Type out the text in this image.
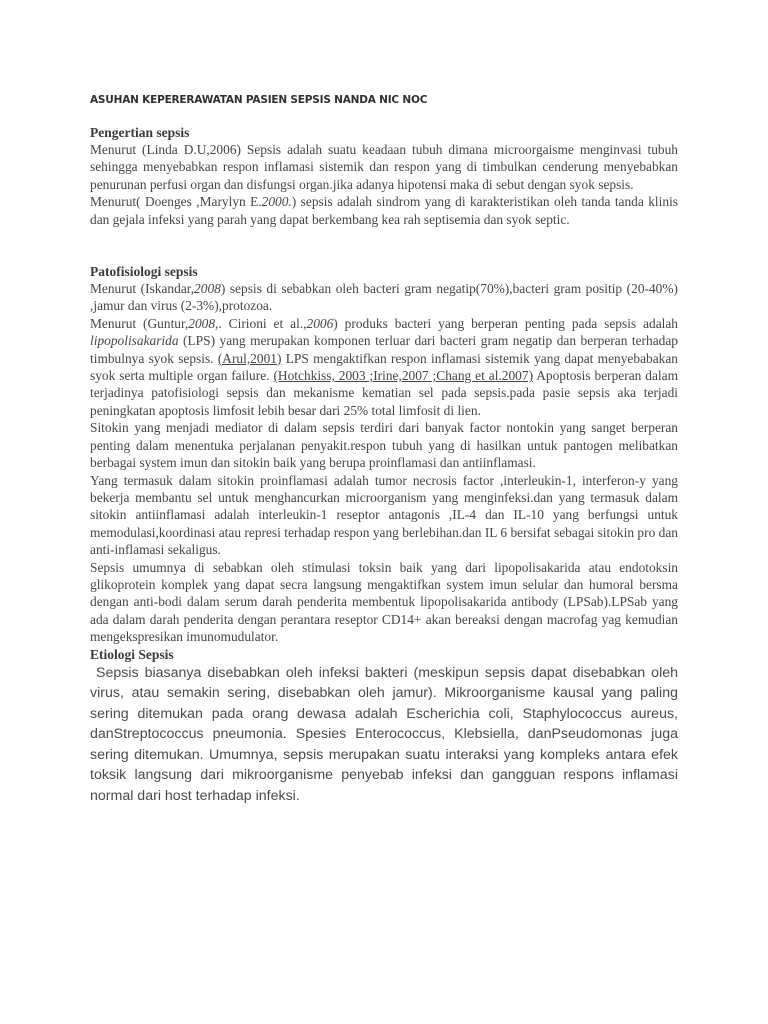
ASUHAN KEPERERAWATAN PASIEN SEPSIS NANDA NIC NOC
Pengertian sepsis

Menurut (Linda D.U,2006) Sepsis adalah suatu keadaan tubuh dimana microorgaisme menginvasi tubuh sehingga menyebabkan respon inflamasi sistemik dan respon yang di timbulkan cenderung menyebabkan penurunan perfusi organ dan disfungsi organ.jika adanya hipotensi maka di sebut dengan syok sepsis.

Menurut( Doenges ,Marylyn E.2000.) sepsis adalah sindrom yang di karakteristikan oleh tanda tanda klinis dan gejala infeksi yang parah yang dapat berkembang kea rah septisemia dan syok septic.

Patofisiologi sepsis

Menurut (Iskandar,2008) sepsis di sebabkan oleh bacteri gram negatip(70%),bacteri gram positip (20-40%) ,jamur dan virus (2-3%),protozoa.

Menurut (Guntur,2008,. Cirioni et al.,2006) produks bacteri yang berperan penting pada sepsis adalah lipopolisakarida (LPS) yang merupakan komponen terluar dari bacteri gram negatip dan berperan terhadap timbulnya syok sepsis. (Arul,2001) LPS mengaktifkan respon inflamasi sistemik yang dapat menyebabakan syok serta multiple organ failure. (Hotchkiss, 2003 ;Irine,2007 ;Chang et al.2007) Apoptosis berperan dalam terjadinya patofisiologi sepsis dan mekanisme kematian sel pada sepsis.pada pasie sepsis aka terjadi peningkatan apoptosis limfosit lebih besar dari 25% total limfosit di lien.

Sitokin yang menjadi mediator di dalam sepsis terdiri dari banyak factor nontokin yang sanget berperan penting dalam menentuka perjalanan penyakit.respon tubuh yang di hasilkan untuk pantogen melibatkan berbagai system imun dan sitokin baik yang berupa proinflamasi dan antiinflamasi.

Yang termasuk dalam sitokin proinflamasi adalah tumor necrosis factor ,interleukin-1, interferon-y yang bekerja membantu sel untuk menghancurkan microorganism yang menginfeksi.dan yang termasuk dalam sitokin antiinflamasi adalah interleukin-1 reseptor antagonis ,IL-4 dan IL-10 yang berfungsi untuk memodulasi,koordinasi atau represi terhadap respon yang berlebihan.dan IL 6 bersifat sebagai sitokin pro dan anti-inflamasi sekaligus.

Sepsis umumnya di sebabkan oleh stimulasi toksin baik yang dari lipopolisakarida atau endotoksin glikoprotein komplek yang dapat secra langsung mengaktifkan system imun selular dan humoral bersma dengan anti-bodi dalam serum darah penderita membentuk lipopolisakarida antibody (LPSab).LPSab yang ada dalam darah penderita dengan perantara reseptor CD14+ akan bereaksi dengan macrofag yag kemudian mengekspresikan imunomudulator.

Etiologi Sepsis

Sepsis biasanya disebabkan oleh infeksi bakteri (meskipun sepsis dapat disebabkan oleh virus, atau semakin sering, disebabkan oleh jamur). Mikroorganisme kausal yang paling sering ditemukan pada orang dewasa adalah Escherichia coli, Staphylococcus aureus, danStreptococcus pneumonia. Spesies Enterococcus, Klebsiella, danPseudomonas juga sering ditemukan. Umumnya, sepsis merupakan suatu interaksi yang kompleks antara efek toksik langsung dari mikroorganisme penyebab infeksi dan gangguan respons inflamasi normal dari host terhadap infeksi.
